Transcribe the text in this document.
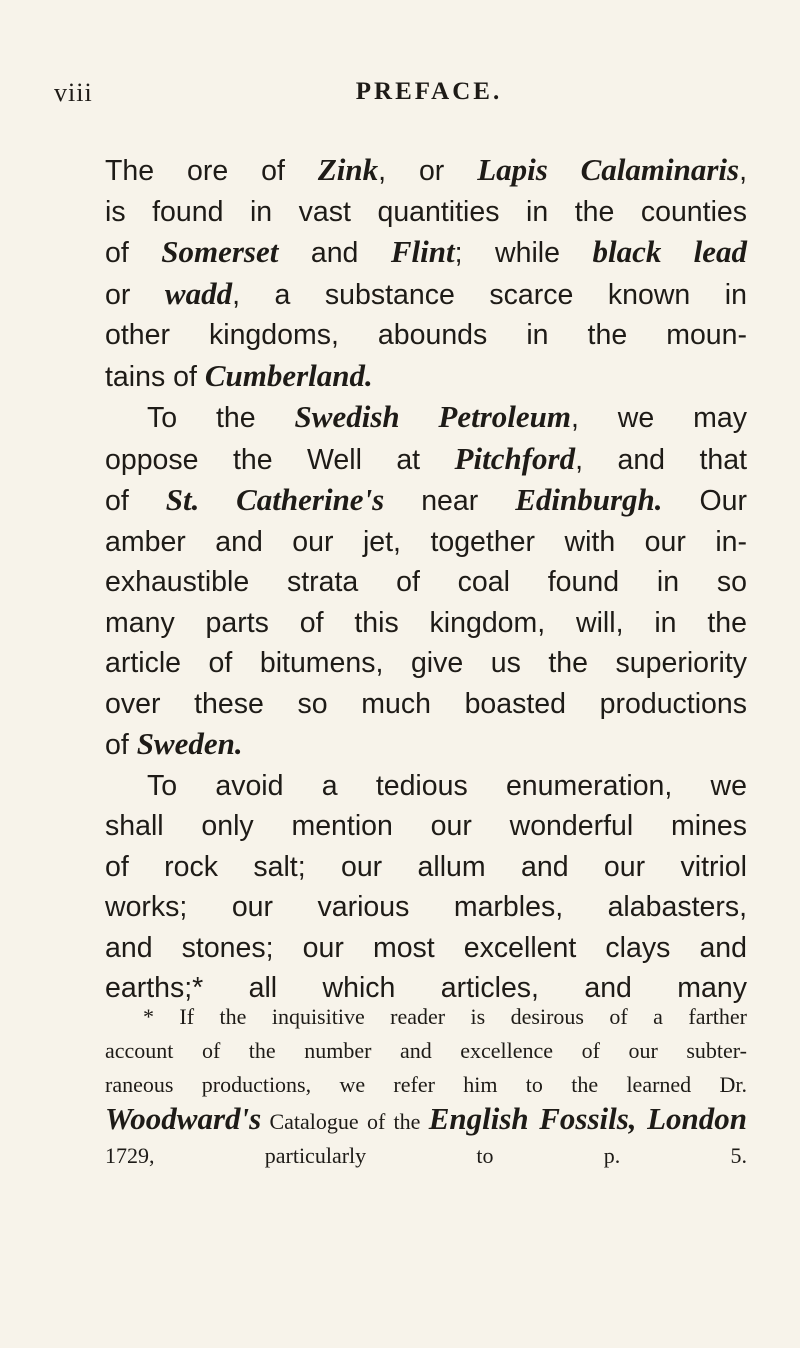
viii	PREFACE.
The ore of Zink, or Lapis Calaminaris,
is found in vast quantities in the counties
of Somerset and Flint; while black lead
or wadd, a substance scarce known in
other kingdoms, abounds in the moun-
tains of Cumberland.
To the Swedish Petroleum, we may
oppose the Well at Pitchford, and that
of St. Catherine's near Edinburgh. Our
amber and our jet, together with our in-
exhaustible strata of coal found in so
many parts of this kingdom, will, in the
article of bitumens, give us the superiority
over these so much boasted productions
of Sweden.
To avoid a tedious enumeration, we
shall only mention our wonderful mines
of rock salt; our allum and our vitriol
works; our various marbles, alabasters,
and stones; our most excellent clays and
earths;* all which articles, and many
* If the inquisitive reader is desirous of a farther
account of the number and excellence of our subter-
raneous productions, we refer him to the learned Dr.
Woodward's Catalogue of the English Fossils, London
1729, particularly to p. 5.
